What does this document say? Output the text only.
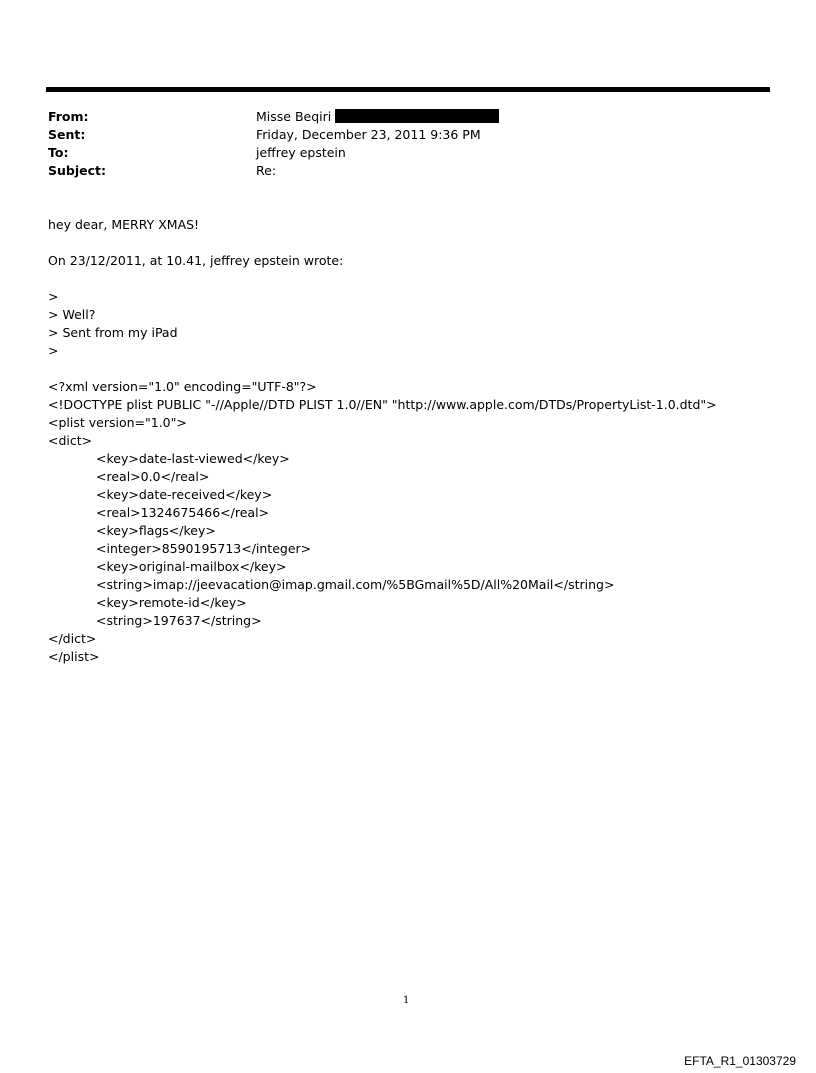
From:	Misse Beqiri
Sent:	Friday, December 23, 2011 9:36 PM
To:	jeffrey epstein
Subject:	Re:
hey dear, MERRY XMAS!
On 23/12/2011, at 10.41, jeffrey epstein wrote:
>
> Well?
> Sent from my iPad
>
<?xml version="1.0" encoding="UTF-8"?>
<!DOCTYPE plist PUBLIC "-//Apple//DTD PLIST 1.0//EN" "http://www.apple.com/DTDs/PropertyList-1.0.dtd">
<plist version="1.0">
<dict>
<key>date-last-viewed</key>
<real>0.0</real>
<key>date-received</key>
<real>1324675466</real>
<key>flags</key>
<integer>8590195713</integer>
<key>original-mailbox</key>
<string>imap://jeevacation@imap.gmail.com/%5BGmail%5D/All%20Mail</string>
<key>remote-id</key>
<string>197637</string>
</dict>
</plist>
1
EFTA_R1_01303729
